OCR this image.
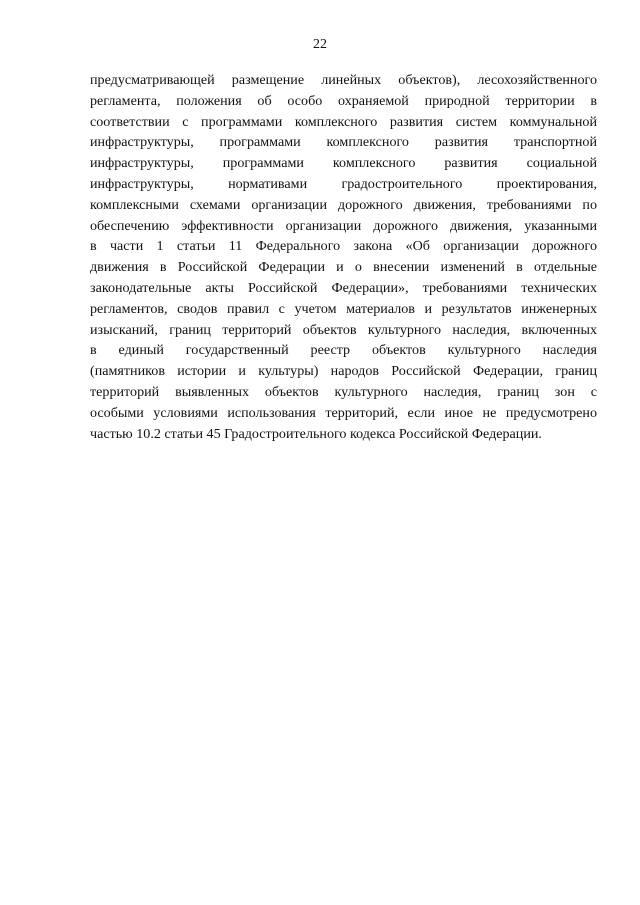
22
предусматривающей размещение линейных объектов), лесохозяйственного
регламента, положения об особо охраняемой природной территории в
соответствии с программами комплексного развития систем коммунальной
инфраструктуры, программами комплексного развития транспортной
инфраструктуры, программами комплексного развития социальной
инфраструктуры, нормативами градостроительного проектирования,
комплексными схемами организации дорожного движения, требованиями по
обеспечению эффективности организации дорожного движения, указанными
в части 1 статьи 11 Федерального закона «Об организации дорожного
движения в Российской Федерации и о внесении изменений в отдельные
законодательные акты Российской Федерации», требованиями технических
регламентов, сводов правил с учетом материалов и результатов инженерных
изысканий, границ территорий объектов культурного наследия, включенных
в единый государственный реестр объектов культурного наследия
(памятников истории и культуры) народов Российской Федерации, границ
территорий выявленных объектов культурного наследия, границ зон с
особыми условиями использования территорий, если иное не предусмотрено
частью 10.2 статьи 45 Градостроительного кодекса Российской Федерации.
